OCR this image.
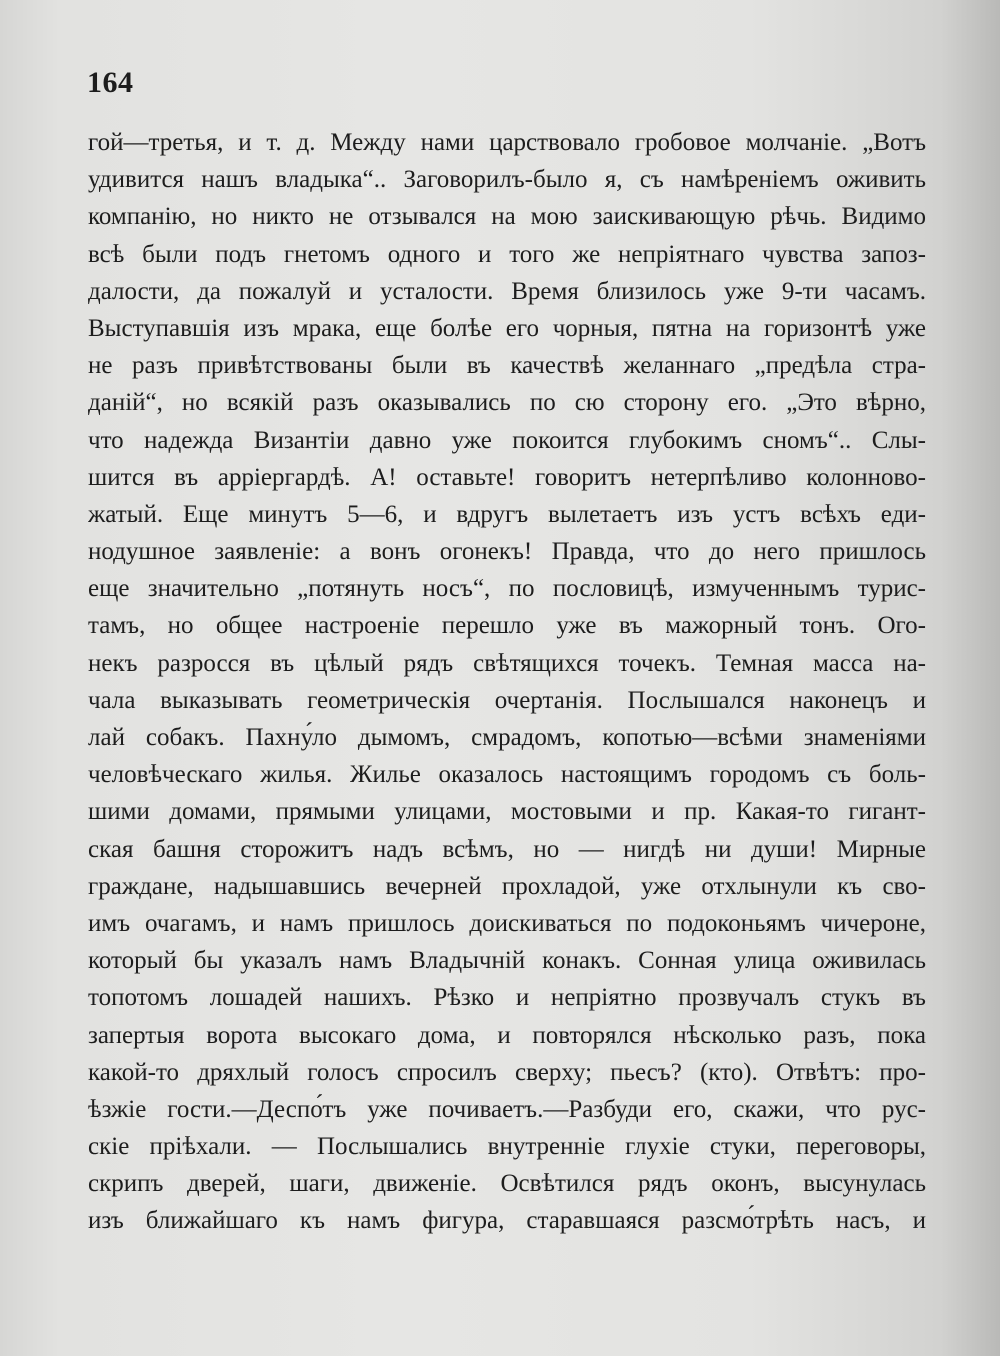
164
гой—третья, и т. д. Между нами царствовало гробовое молчаніе. „Вотъ
удивится нашъ владыка“.. Заговорилъ-было я, съ намѣреніемъ оживить
компанію, но никто не отзывался на мою заискивающую рѣчь. Видимо
всѣ были подъ гнетомъ одного и того же непріятнаго чувства запоз-
далости, да пожалуй и усталости. Время близилось уже 9-ти часамъ.
Выступавшія изъ мрака, еще болѣе его чорныя, пятна на горизонтѣ уже
не разъ привѣтствованы были въ качествѣ желаннаго „предѣла стра-
даній“, но всякій разъ оказывались по сю сторону его. „Это вѣрно,
что надежда Византіи давно уже покоится глубокимъ сномъ“.. Слы-
шится въ арріергардѣ. А! оставьте! говоритъ нетерпѣливо колонново-
жатый. Еще минутъ 5—6, и вдругъ вылетаетъ изъ устъ всѣхъ еди-
нодушное заявленіе: а вонъ огонекъ! Правда, что до него пришлось
еще значительно „потянуть носъ“, по пословицѣ, измученнымъ турис-
тамъ, но общее настроеніе перешло уже въ мажорный тонъ. Ого-
некъ разросся въ цѣлый рядъ свѣтящихся точекъ. Темная масса на-
чала выказывать геометрическія очертанія. Послышался наконецъ и
лай собакъ. Пахну́ло дымомъ, смрадомъ, копотью—всѣми знаменіями
человѣческаго жилья. Жилье оказалось настоящимъ городомъ съ боль-
шими домами, прямыми улицами, мостовыми и пр. Какая-то гигант-
ская башня сторожитъ надъ всѣмъ, но — нигдѣ ни души! Мирные
граждане, надышавшись вечерней прохладой, уже отхлынули къ сво-
имъ очагамъ, и намъ пришлось доискиваться по подоконьямъ чичероне,
который бы указалъ намъ Владычній конакъ. Сонная улица оживилась
топотомъ лошадей нашихъ. Рѣзко и непріятно прозвучалъ стукъ въ
запертыя ворота высокаго дома, и повторялся нѣсколько разъ, пока
какой-то дряхлый голосъ спросилъ сверху; пьесъ? (кто). Отвѣтъ: про-
ѣзжіе гости.—Деспо́тъ уже почиваетъ.—Разбуди его, скажи, что рус-
скіе пріѣхали. — Послышались внутренніе глухіе стуки, переговоры,
скрипъ дверей, шаги, движеніе. Освѣтился рядъ оконъ, высунулась
изъ ближайшаго къ намъ фигура, старавшаяся разсмо́трѣть насъ, и
